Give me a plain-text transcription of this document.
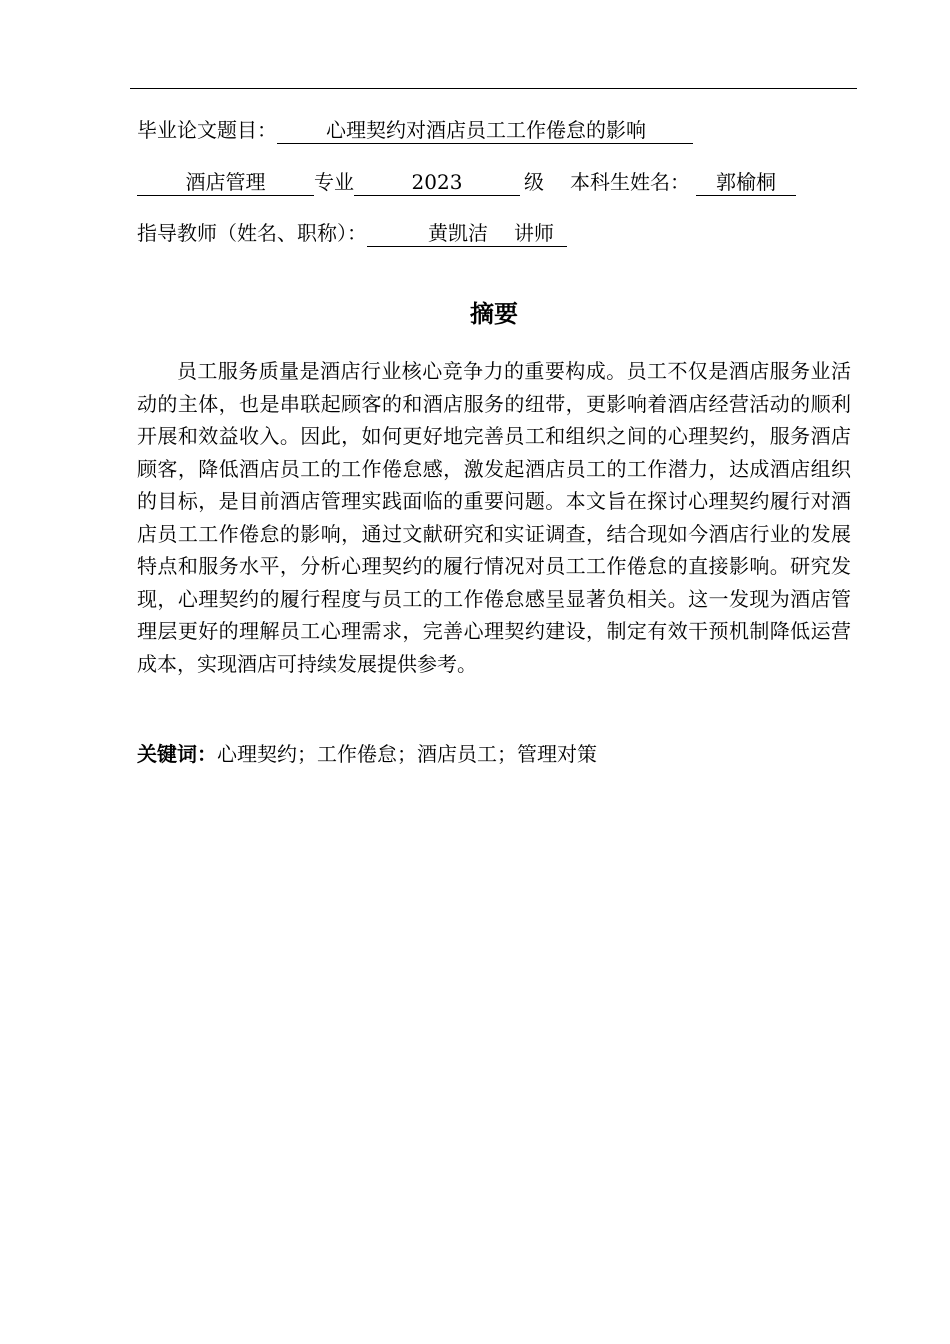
毕业论文题目： 心理契约对酒店员工工作倦怠的影响
酒店管理 专业	2023	级 本科生姓名： 郭榆桐
指导教师（姓名、职称）：	黄凯洁 讲师
摘要

员工服务质量是酒店行业核心竞争力的重要构成。员工不仅是酒店服务业活动的主体，也是串联起顾客的和酒店服务的纽带，更影响着酒店经营活动的顺利开展和效益收入。因此，如何更好地完善员工和组织之间的心理契约，服务酒店顾客，降低酒店员工的工作倦怠感，激发起酒店员工的工作潜力，达成酒店组织的目标，是目前酒店管理实践面临的重要问题。本文旨在探讨心理契约履行对酒店员工工作倦怠的影响，通过文献研究和实证调查，结合现如今酒店行业的发展特点和服务水平，分析心理契约的履行情况对员工工作倦怠的直接影响。研究发现，心理契约的履行程度与员工的工作倦怠感呈显著负相关。这一发现为酒店管理层更好的理解员工心理需求，完善心理契约建设，制定有效干预机制降低运营成本，实现酒店可持续发展提供参考。

关键词：心理契约；工作倦怠；酒店员工；管理对策
